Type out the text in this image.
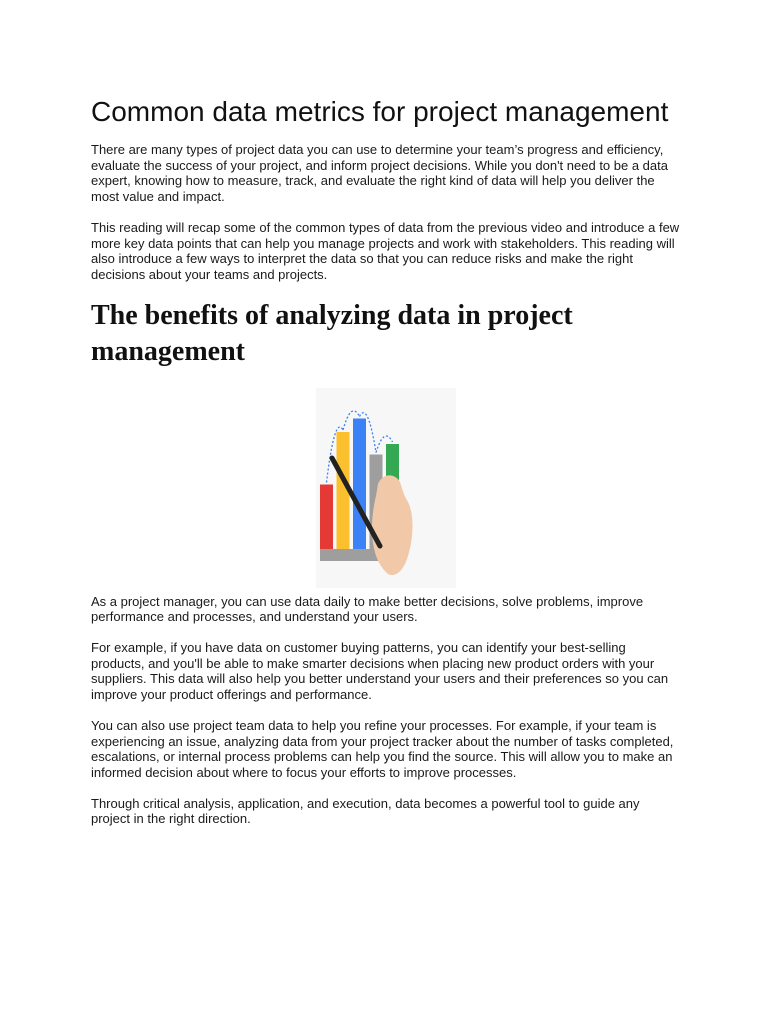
Common data metrics for project management

There are many types of project data you can use to determine your team’s progress and efficiency, evaluate the success of your project, and inform project decisions. While you don't need to be a data expert, knowing how to measure, track, and evaluate the right kind of data will help you deliver the most value and impact.

This reading will recap some of the common types of data from the previous video and introduce a few more key data points that can help you manage projects and work with stakeholders. This reading will also introduce a few ways to interpret the data so that you can reduce risks and make the right decisions about your teams and projects.

The benefits of analyzing data in project management

As a project manager, you can use data daily to make better decisions, solve problems, improve performance and processes, and understand your users.

For example, if you have data on customer buying patterns, you can identify your best-selling products, and you'll be able to make smarter decisions when placing new product orders with your suppliers. This data will also help you better understand your users and their preferences so you can improve your product offerings and performance.

You can also use project team data to help you refine your processes. For example, if your team is experiencing an issue, analyzing data from your project tracker about the number of tasks completed, escalations, or internal process problems can help you find the source. This will allow you to make an informed decision about where to focus your efforts to improve processes.

Through critical analysis, application, and execution, data becomes a powerful tool to guide any project in the right direction.
